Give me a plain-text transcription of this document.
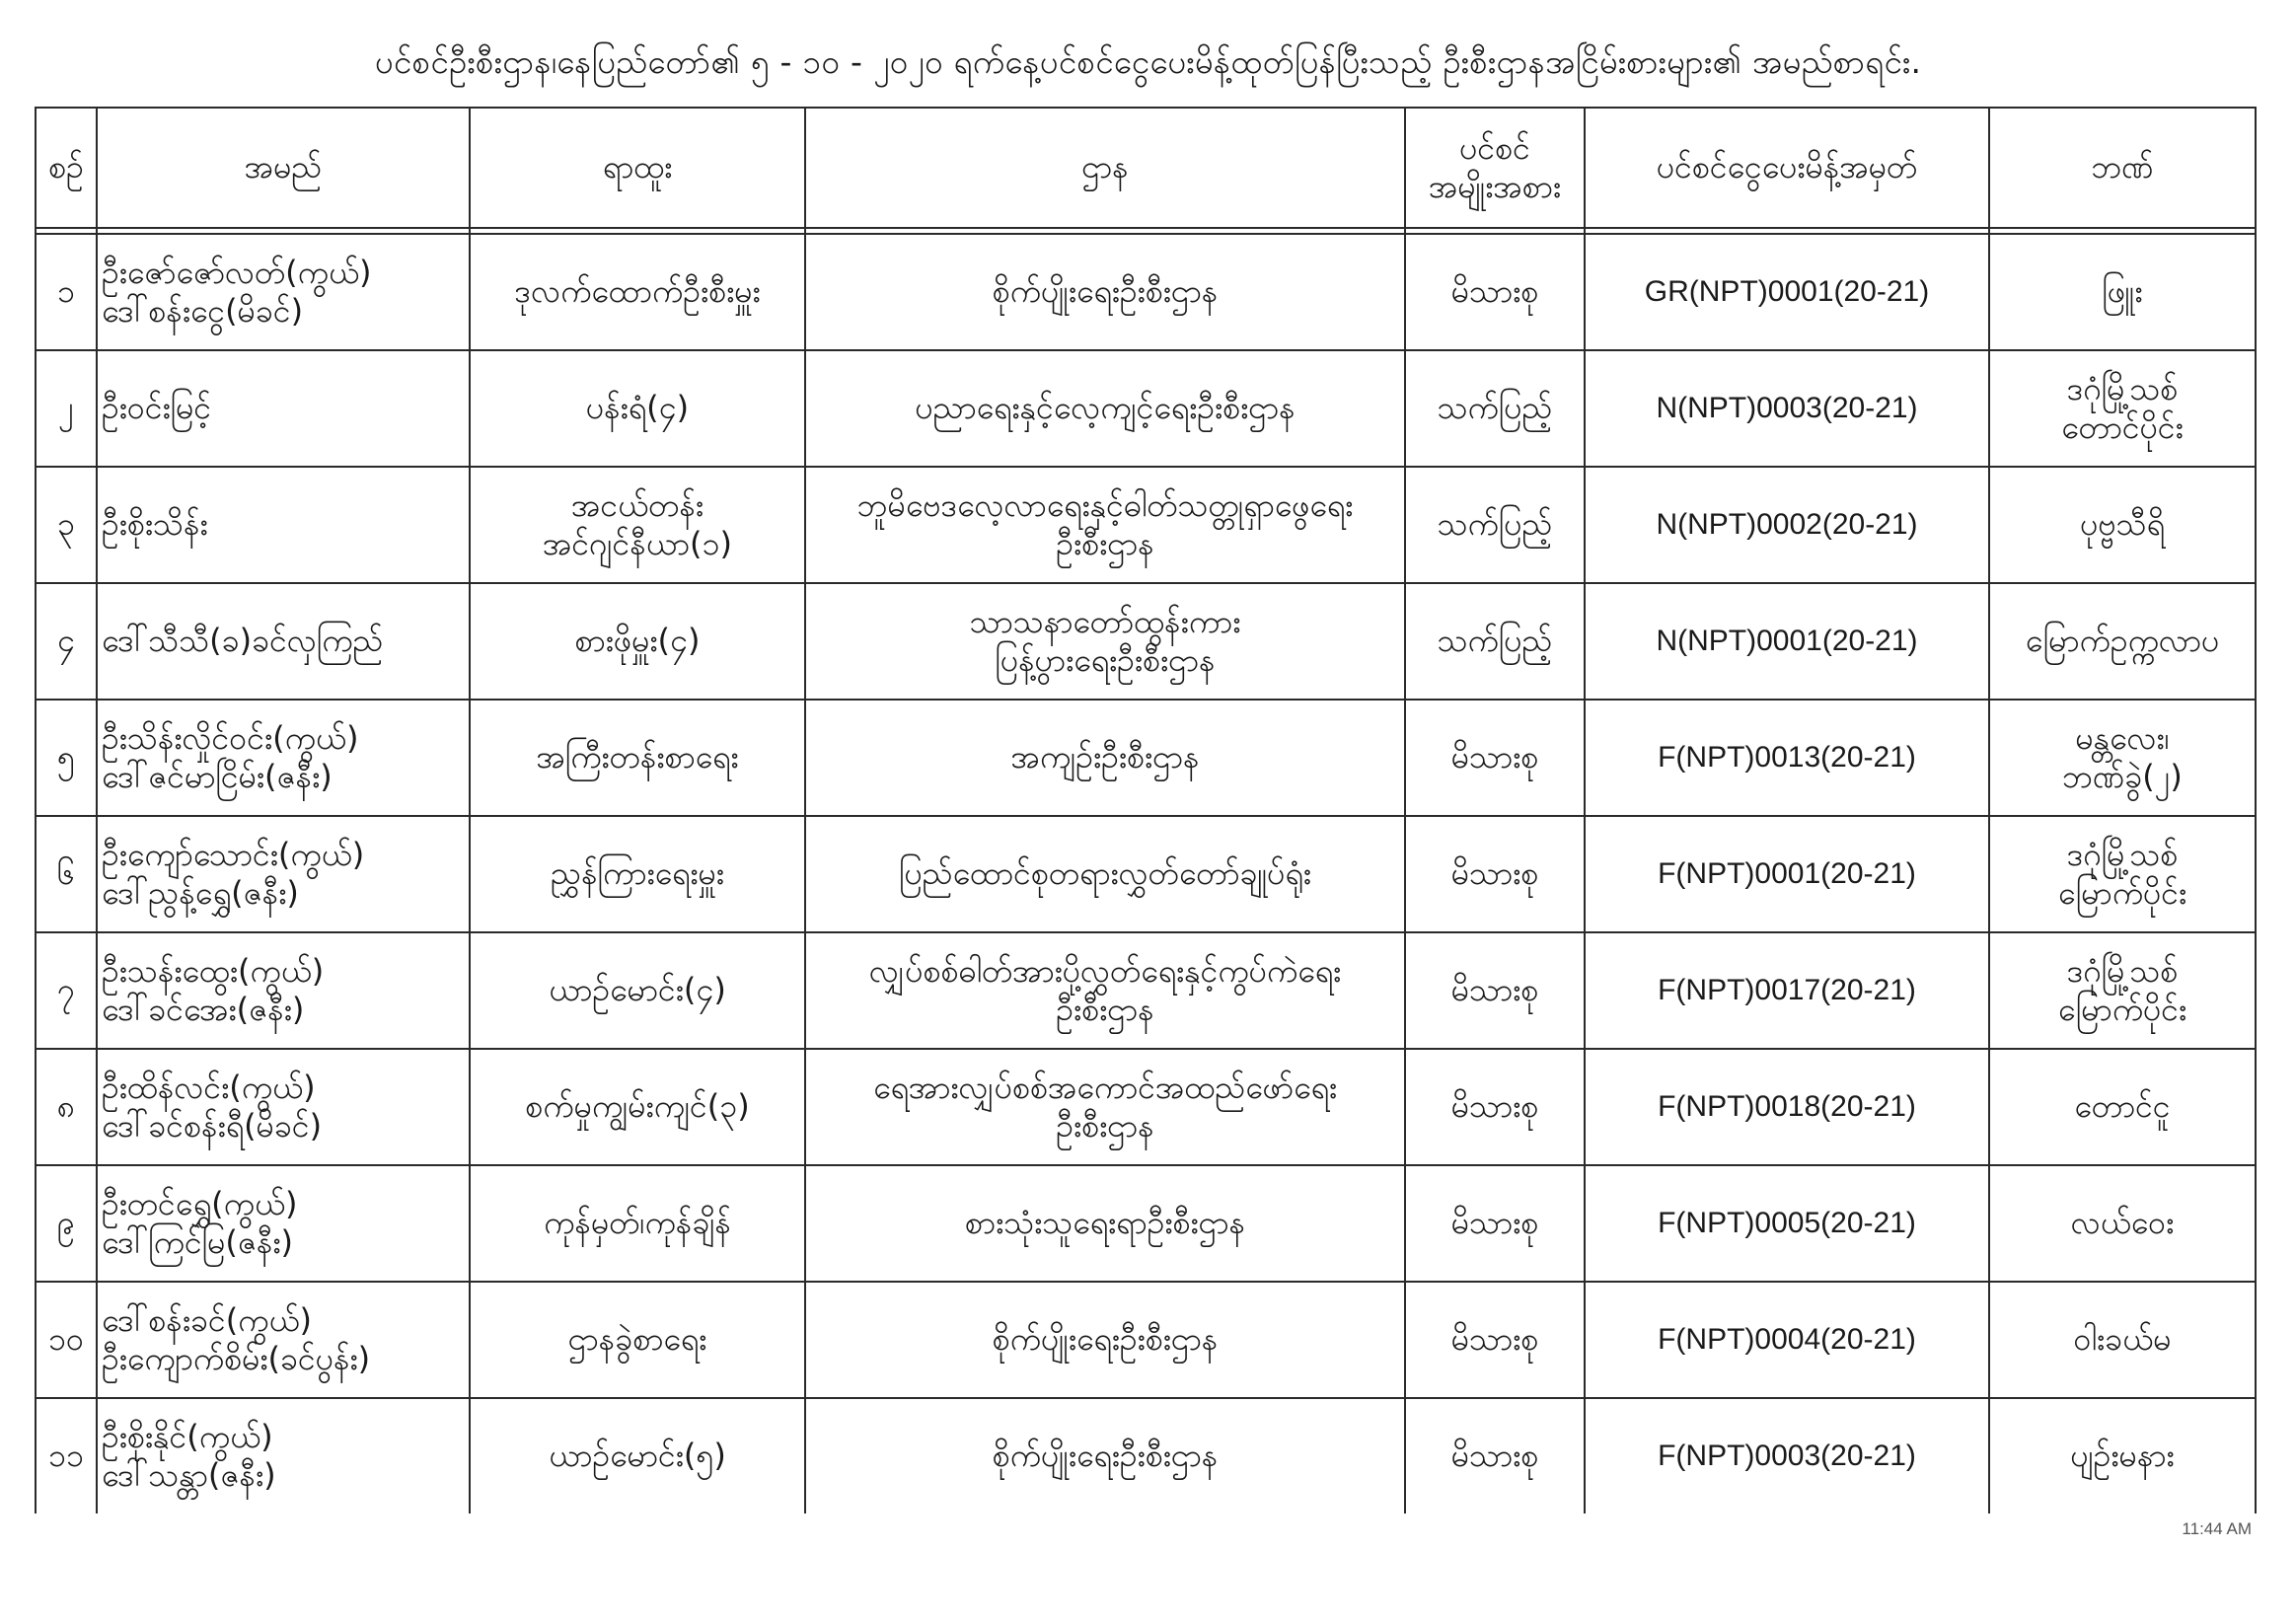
ပင်စင်ဦးစီးဌာန၊နေပြည်တော်၏ ၅ - ၁၀ - ၂၀၂၀ ရက်နေ့ပင်စင်ငွေပေးမိန့်ထုတ်ပြန်ပြီးသည့် ဦးစီးဌာနအငြိမ်းစားများ၏ အမည်စာရင်း.
စဉ်	အမည်	ရာထူး	ဌာန	ပင်စင်
အမျိုးအစား	ပင်စင်ငွေပေးမိန့်အမှတ်	ဘဏ်

၁	ဦးဇော်ဇော်လတ်(ကွယ်)
ဒေါ်စန်းငွေ(မိခင်)	ဒုလက်ထောက်ဦးစီးမှူး	စိုက်ပျိုးရေးဦးစီးဌာန	မိသားစု	GR(NPT)0001(20-21)	ဖြူး

၂	ဦးဝင်းမြင့်	ပန်းရံ(၄)	ပညာရေးနှင့်လေ့ကျင့်ရေးဦးစီးဌာန	သက်ပြည့်	N(NPT)0003(20-21)	ဒဂုံမြို့သစ်
တောင်ပိုင်း

၃	ဦးစိုးသိန်း	အငယ်တန်း
အင်ဂျင်နီယာ(၁)	ဘူမိဗေဒလေ့လာရေးနှင့်ဓါတ်သတ္တုရှာဖွေရေး
ဦးစီးဌာန	သက်ပြည့်	N(NPT)0002(20-21)	ပုဗ္ဗသီရိ

၄	ဒေါ်သီသီ(ခ)ခင်လှကြည်	စားဖိုမှူး(၄)	သာသနာတော်ထွန်းကား
ပြန့်ပွားရေးဦးစီးဌာန	သက်ပြည့်	N(NPT)0001(20-21)	မြောက်ဥက္ကလာပ

၅	ဦးသိန်းလှိုင်ဝင်း(ကွယ်)
ဒေါ်ဇင်မာငြိမ်း(ဇနီး)	အကြီးတန်းစာရေး	အကျဉ်းဦးစီးဌာန	မိသားစု	F(NPT)0013(20-21)	မန္တလေး၊
ဘဏ်ခွဲ(၂)

၆	ဦးကျော်သောင်း(ကွယ်)
ဒေါ်ညွန့်ရွှေ(ဇနီး)	ညွှန်ကြားရေးမှူး	ပြည်ထောင်စုတရားလွှတ်တော်ချုပ်ရုံး	မိသားစု	F(NPT)0001(20-21)	ဒဂုံမြို့သစ်
မြောက်ပိုင်း

၇	ဦးသန်းထွေး(ကွယ်)
ဒေါ်ခင်အေး(ဇနီး)	ယာဉ်မောင်း(၄)	လျှပ်စစ်ဓါတ်အားပို့လွှတ်ရေးနှင့်ကွပ်ကဲရေး
ဦးစီးဌာန	မိသားစု	F(NPT)0017(20-21)	ဒဂုံမြို့သစ်
မြောက်ပိုင်း

၈	ဦးထိန်လင်း(ကွယ်)
ဒေါ်ခင်စန်းရီ(မိခင်)	စက်မှုကျွမ်းကျင်(၃)	ရေအားလျှပ်စစ်အကောင်အထည်ဖော်ရေး
ဦးစီးဌာန	မိသားစု	F(NPT)0018(20-21)	တောင်ငူ

၉	ဦးတင်ရွှေ(ကွယ်)
ဒေါ်ကြင်မြ(ဇနီး)	ကုန်မှတ်၊ကုန်ချိန်	စားသုံးသူရေးရာဦးစီးဌာန	မိသားစု	F(NPT)0005(20-21)	လယ်ဝေး

၁၀	ဒေါ်စန်းခင်(ကွယ်)
ဦးကျောက်စိမ်း(ခင်ပွန်း)	ဌာနခွဲစာရေး	စိုက်ပျိုးရေးဦးစီးဌာန	မိသားစု	F(NPT)0004(20-21)	ဝါးခယ်မ

၁၁	ဦးစိုးနိုင်(ကွယ်)
ဒေါ်သန္တာ(ဇနီး)	ယာဉ်မောင်း(၅)	စိုက်ပျိုးရေးဦးစီးဌာန	မိသားစု	F(NPT)0003(20-21)	ပျဉ်းမနား
11:44 AM
